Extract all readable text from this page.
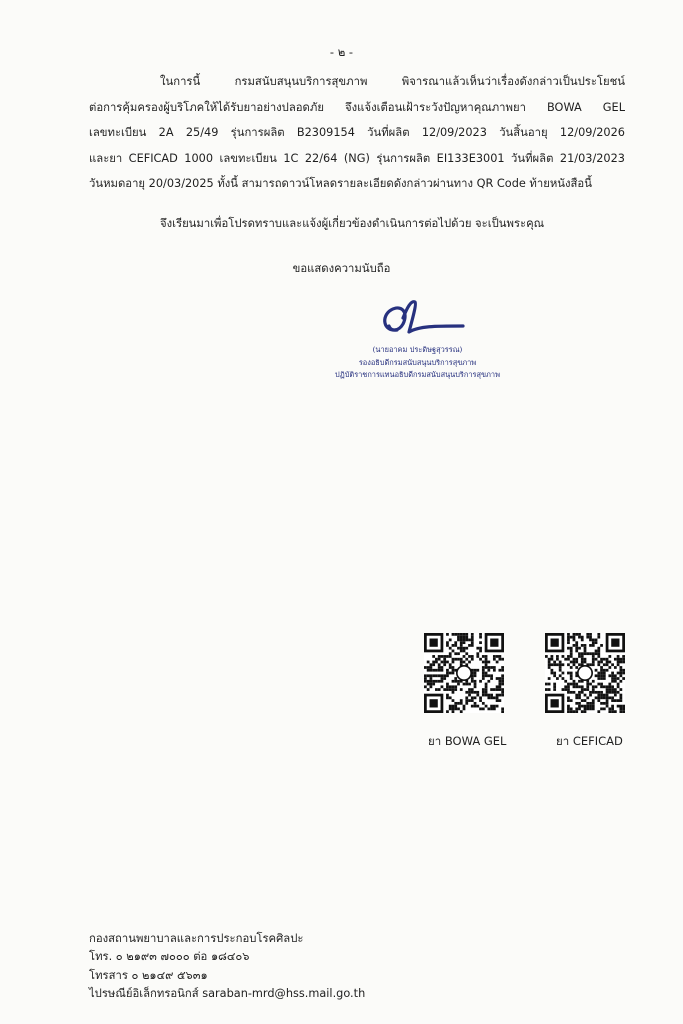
- ๒ -
ในการนี้ กรมสนับสนุนบริการสุขภาพ พิจารณาแล้วเห็นว่าเรื่องดังกล่าวเป็นประโยชน์
ต่อการคุ้มครองผู้บริโภคให้ได้รับยาอย่างปลอดภัย จึงแจ้งเตือนเฝ้าระวังปัญหาคุณภาพยา BOWA GEL
เลขทะเบียน 2A 25/49 รุ่นการผลิต B2309154 วันที่ผลิต 12/09/2023 วันสิ้นอายุ 12/09/2026
และยา CEFICAD 1000 เลขทะเบียน 1C 22/64 (NG) รุ่นการผลิต EI133E3001 วันที่ผลิต 21/03/2023
วันหมดอายุ 20/03/2025 ทั้งนี้ สามารถดาวน์โหลดรายละเอียดดังกล่าวผ่านทาง QR Code ท้ายหนังสือนี้
จึงเรียนมาเพื่อโปรดทราบและแจ้งผู้เกี่ยวข้องดำเนินการต่อไปด้วย จะเป็นพระคุณ
ขอแสดงความนับถือ
(นายอาคม ประดิษฐสุวรรณ)
รองอธิบดีกรมสนับสนุนบริการสุขภาพ
ปฏิบัติราชการแทนอธิบดีกรมสนับสนุนบริการสุขภาพ
ยา BOWA GEL	ยา CEFICAD
กองสถานพยาบาลและการประกอบโรคศิลปะ
โทร. ๐ ๒๑๙๓ ๗๐๐๐ ต่อ ๑๘๔๐๖
โทรสาร ๐ ๒๑๔๙ ๕๖๓๑
ไปรษณีย์อิเล็กทรอนิกส์ saraban-mrd@hss.mail.go.th
